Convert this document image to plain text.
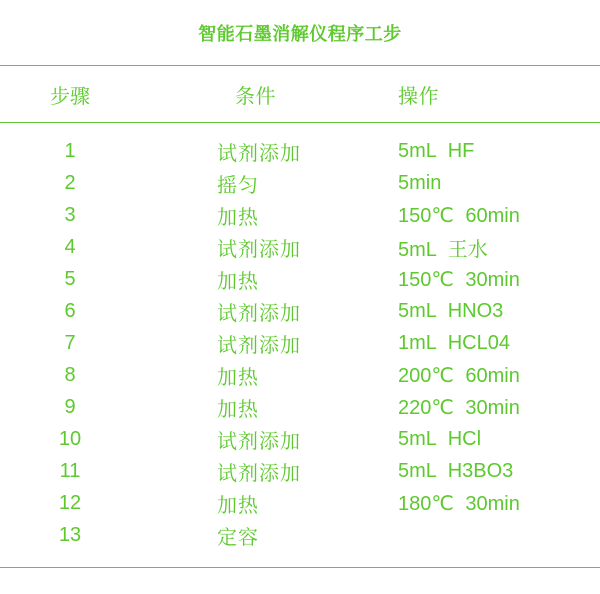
智能石墨消解仪程序工步
步骤	条件	操作
1	试剂添加	5mL HF
2	摇匀	5min
3	加热	150℃ 60min
4	试剂添加	5mL 王水
5	加热	150℃ 30min
6	试剂添加	5mL HNO3
7	试剂添加	1mL HCL04
8	加热	200℃ 60min
9	加热	220℃ 30min
10	试剂添加	5mL HCl
11	试剂添加	5mL H3BO3
12	加热	180℃ 30min
13	定容
